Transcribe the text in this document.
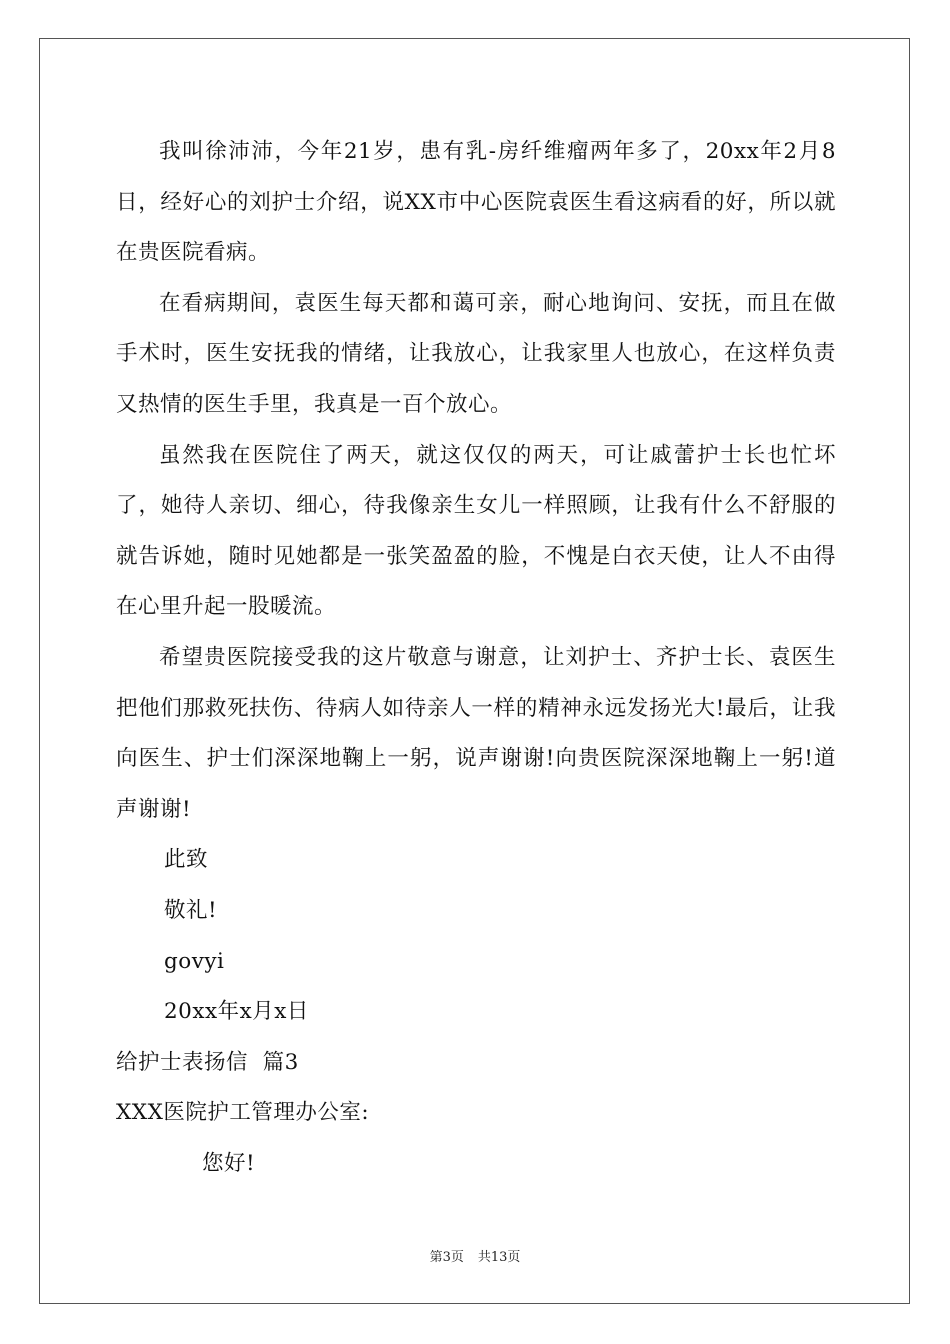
我叫徐沛沛，今年21岁，患有乳-房纤维瘤两年多了，20xx年2月8日，经好心的刘护士介绍，说XX市中心医院袁医生看这病看的好，所以就在贵医院看病。

在看病期间，袁医生每天都和蔼可亲，耐心地询问、安抚，而且在做手术时，医生安抚我的情绪，让我放心，让我家里人也放心，在这样负责又热情的医生手里，我真是一百个放心。

虽然我在医院住了两天，就这仅仅的两天，可让戚蕾护士长也忙坏了，她待人亲切、细心，待我像亲生女儿一样照顾，让我有什么不舒服的就告诉她，随时见她都是一张笑盈盈的脸，不愧是白衣天使，让人不由得在心里升起一股暖流。

希望贵医院接受我的这片敬意与谢意，让刘护士、齐护士长、袁医生把他们那救死扶伤、待病人如待亲人一样的精神永远发扬光大!最后，让我向医生、护士们深深地鞠上一躬，说声谢谢!向贵医院深深地鞠上一躬!道声谢谢!

此致

敬礼!

govyi

20xx年x月x日

给护士表扬信  篇3

XXX医院护工管理办公室:

您好!

第3页 共13页
